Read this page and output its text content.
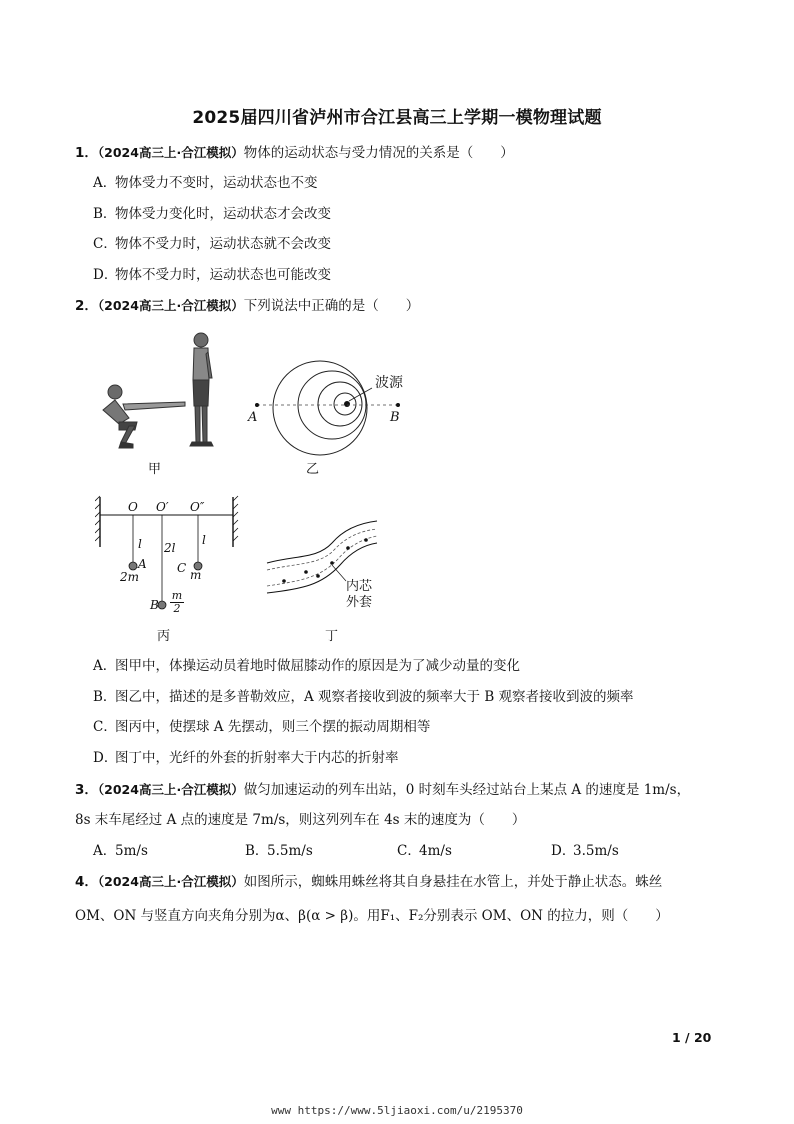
2025届四川省泸州市合江县高三上学期一模物理试题
1．（2024高三上·合江模拟）物体的运动状态与受力情况的关系是（　　）
A．物体受力不变时，运动状态也不变
B．物体受力变化时，运动状态才会改变
C．物体不受力时，运动状态就不会改变
D．物体不受力时，运动状态也可能改变
2．（2024高三上·合江模拟）下列说法中正确的是（　　）
甲
波源
A	B
乙
O O′ O″
l 2l
l
A
2m
C m
B $\frac{m}{2}$
丙
内芯
外套
丁
A．图甲中，体操运动员着地时做屈膝动作的原因是为了减少动量的变化
B．图乙中，描述的是多普勒效应，A 观察者接收到波的频率大于 B 观察者接收到波的频率
C．图丙中，使摆球 A 先摆动，则三个摆的振动周期相等
D．图丁中，光纤的外套的折射率大于内芯的折射率
3．（2024高三上·合江模拟）做匀加速运动的列车出站，0 时刻车头经过站台上某点 A 的速度是 1m/s，
8s 末车尾经过 A 点的速度是 7m/s，则这列列车在 4s 末的速度为（　　）
A．5m/s	B．5.5m/s	C．4m/s	D．3.5m/s
4．（2024高三上·合江模拟）如图所示，蜘蛛用蛛丝将其自身悬挂在水管上，并处于静止状态。蛛丝
OM、ON 与竖直方向夹角分别为α、β(α > β)。用F₁、F₂分别表示 OM、ON 的拉力，则（　　）
1 / 20
www https://www.5ljiaoxi.com/u/2195370
